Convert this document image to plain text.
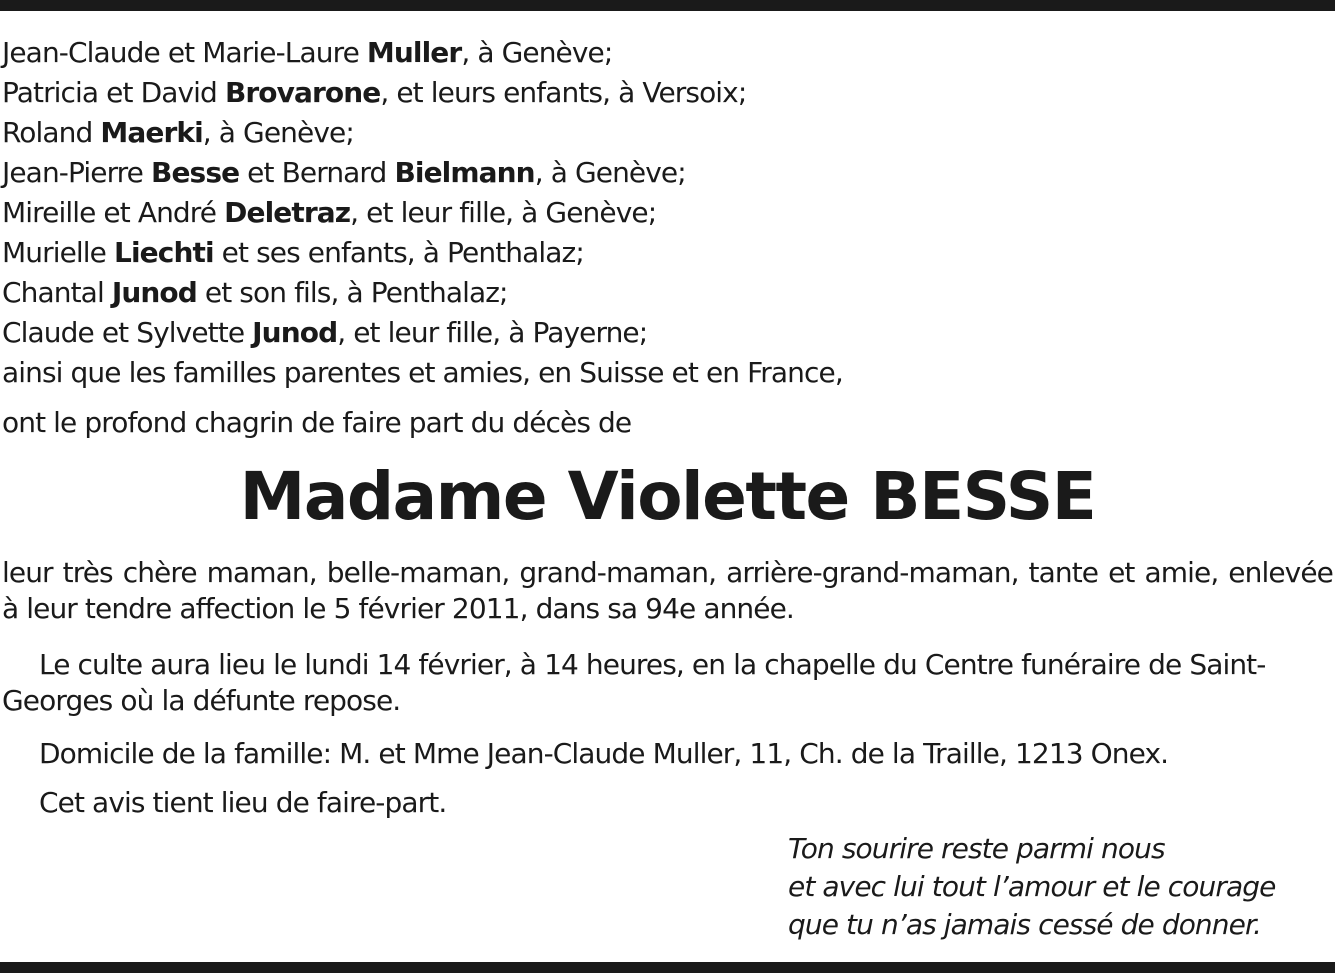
Jean-Claude et Marie-Laure Muller, à Genève;
Patricia et David Brovarone, et leurs enfants, à Versoix;
Roland Maerki, à Genève;
Jean-Pierre Besse et Bernard Bielmann, à Genève;
Mireille et André Deletraz, et leur fille, à Genève;
Murielle Liechti et ses enfants, à Penthalaz;
Chantal Junod et son fils, à Penthalaz;
Claude et Sylvette Junod, et leur fille, à Payerne;
ainsi que les familles parentes et amies, en Suisse et en France,
ont le profond chagrin de faire part du décès de
Madame Violette BESSE
leur très chère maman, belle-maman, grand-maman, arrière-grand-maman, tante et amie, enlevée à leur tendre affection le 5 février 2011, dans sa 94e année.
Le culte aura lieu le lundi 14 février, à 14 heures, en la chapelle du Centre funéraire de Saint-Georges où la défunte repose.
Domicile de la famille: M. et Mme Jean-Claude Muller, 11, Ch. de la Traille, 1213 Onex.
Cet avis tient lieu de faire-part.
Ton sourire reste parmi nous
et avec lui tout l’amour et le courage
que tu n’as jamais cessé de donner.
